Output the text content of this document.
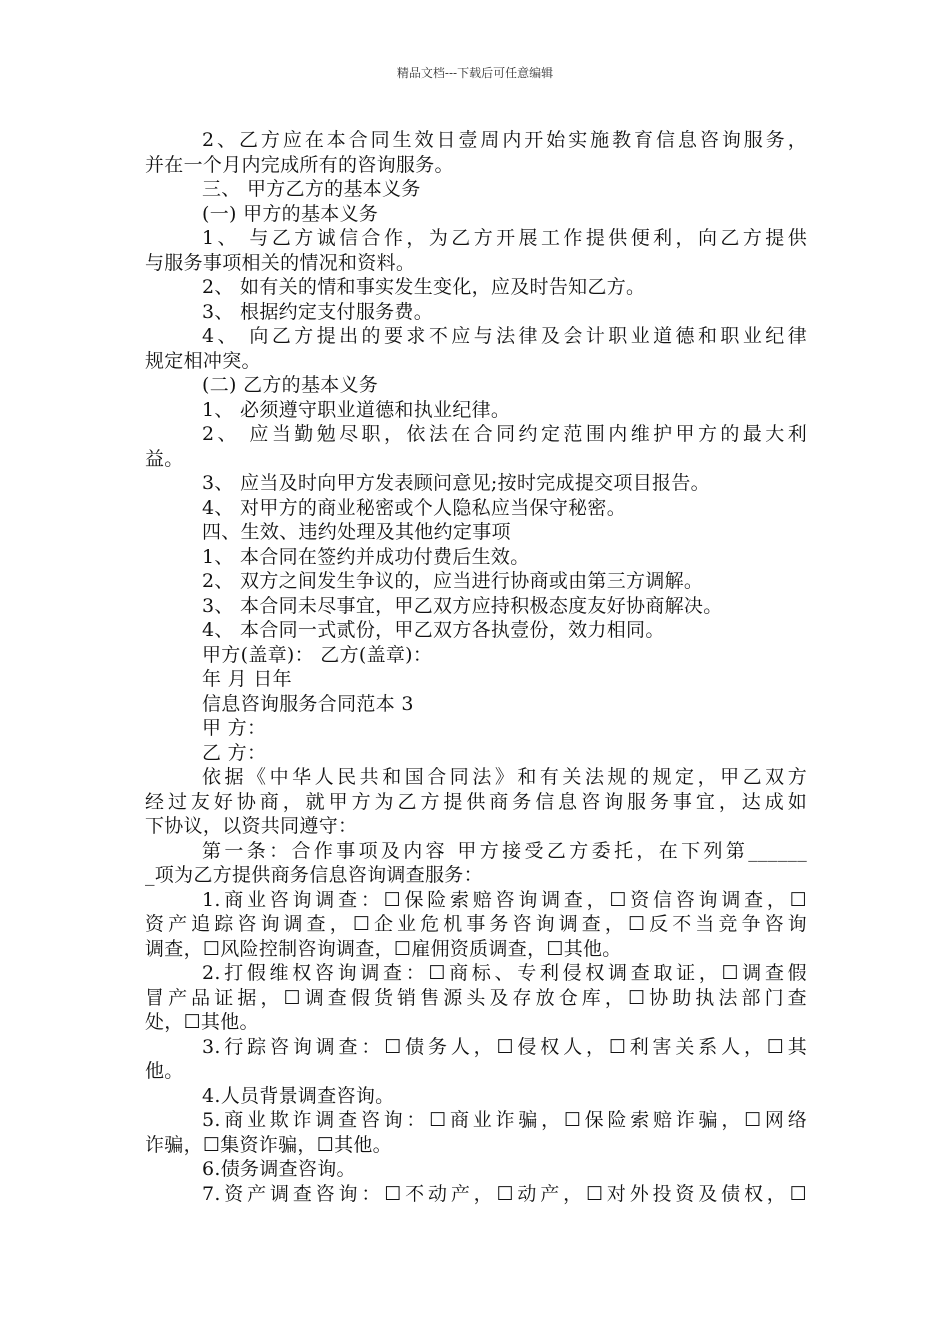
精品文档---下载后可任意编辑
2、乙方应在本合同生效日壹周内开始实施教育信息咨询服务，
并在一个月内完成所有的咨询服务。
三、 甲方乙方的基本义务
(一) 甲方的基本义务
1、 与乙方诚信合作，为乙方开展工作提供便利，向乙方提供
与服务事项相关的情况和资料。
2、 如有关的情和事实发生变化，应及时告知乙方。
3、 根据约定支付服务费。
4、 向乙方提出的要求不应与法律及会计职业道德和职业纪律
规定相冲突。
(二) 乙方的基本义务
1、 必须遵守职业道德和执业纪律。
2、 应当勤勉尽职，依法在合同约定范围内维护甲方的最大利
益。
3、 应当及时向甲方发表顾问意见;按时完成提交项目报告。
4、 对甲方的商业秘密或个人隐私应当保守秘密。
四、生效、违约处理及其他约定事项
1、 本合同在签约并成功付费后生效。
2、 双方之间发生争议的，应当进行协商或由第三方调解。
3、 本合同未尽事宜，甲乙双方应持积极态度友好协商解决。
4、 本合同一式贰份，甲乙双方各执壹份，效力相同。
甲方(盖章)： 乙方(盖章)：
年 月 日年
信息咨询服务合同范本 3
甲 方：
乙 方：
依据《中华人民共和国合同法》和有关法规的规定，甲乙双方
经过友好协商，就甲方为乙方提供商务信息咨询服务事宜，达成如
下协议，以资共同遵守：
第一条：合作事项及内容 甲方接受乙方委托，在下列第______
_项为乙方提供商务信息咨询调查服务：
1.商业咨询调查：☐保险索赔咨询调查，☐资信咨询调查，☐
资产追踪咨询调查，☐企业危机事务咨询调查，☐反不当竞争咨询
调查，☐风险控制咨询调查，☐雇佣资质调查，☐其他。
2.打假维权咨询调查：☐商标、专利侵权调查取证，☐调查假
冒产品证据，☐调查假货销售源头及存放仓库，☐协助执法部门查
处，☐其他。
3.行踪咨询调查：☐债务人，☐侵权人，☐利害关系人，☐其
他。
4.人员背景调查咨询。
5.商业欺诈调查咨询：☐商业诈骗，☐保险索赔诈骗，☐网络
诈骗，☐集资诈骗，☐其他。
6.债务调查咨询。
7.资产调查咨询：☐不动产，☐动产，☐对外投资及债权，☐
